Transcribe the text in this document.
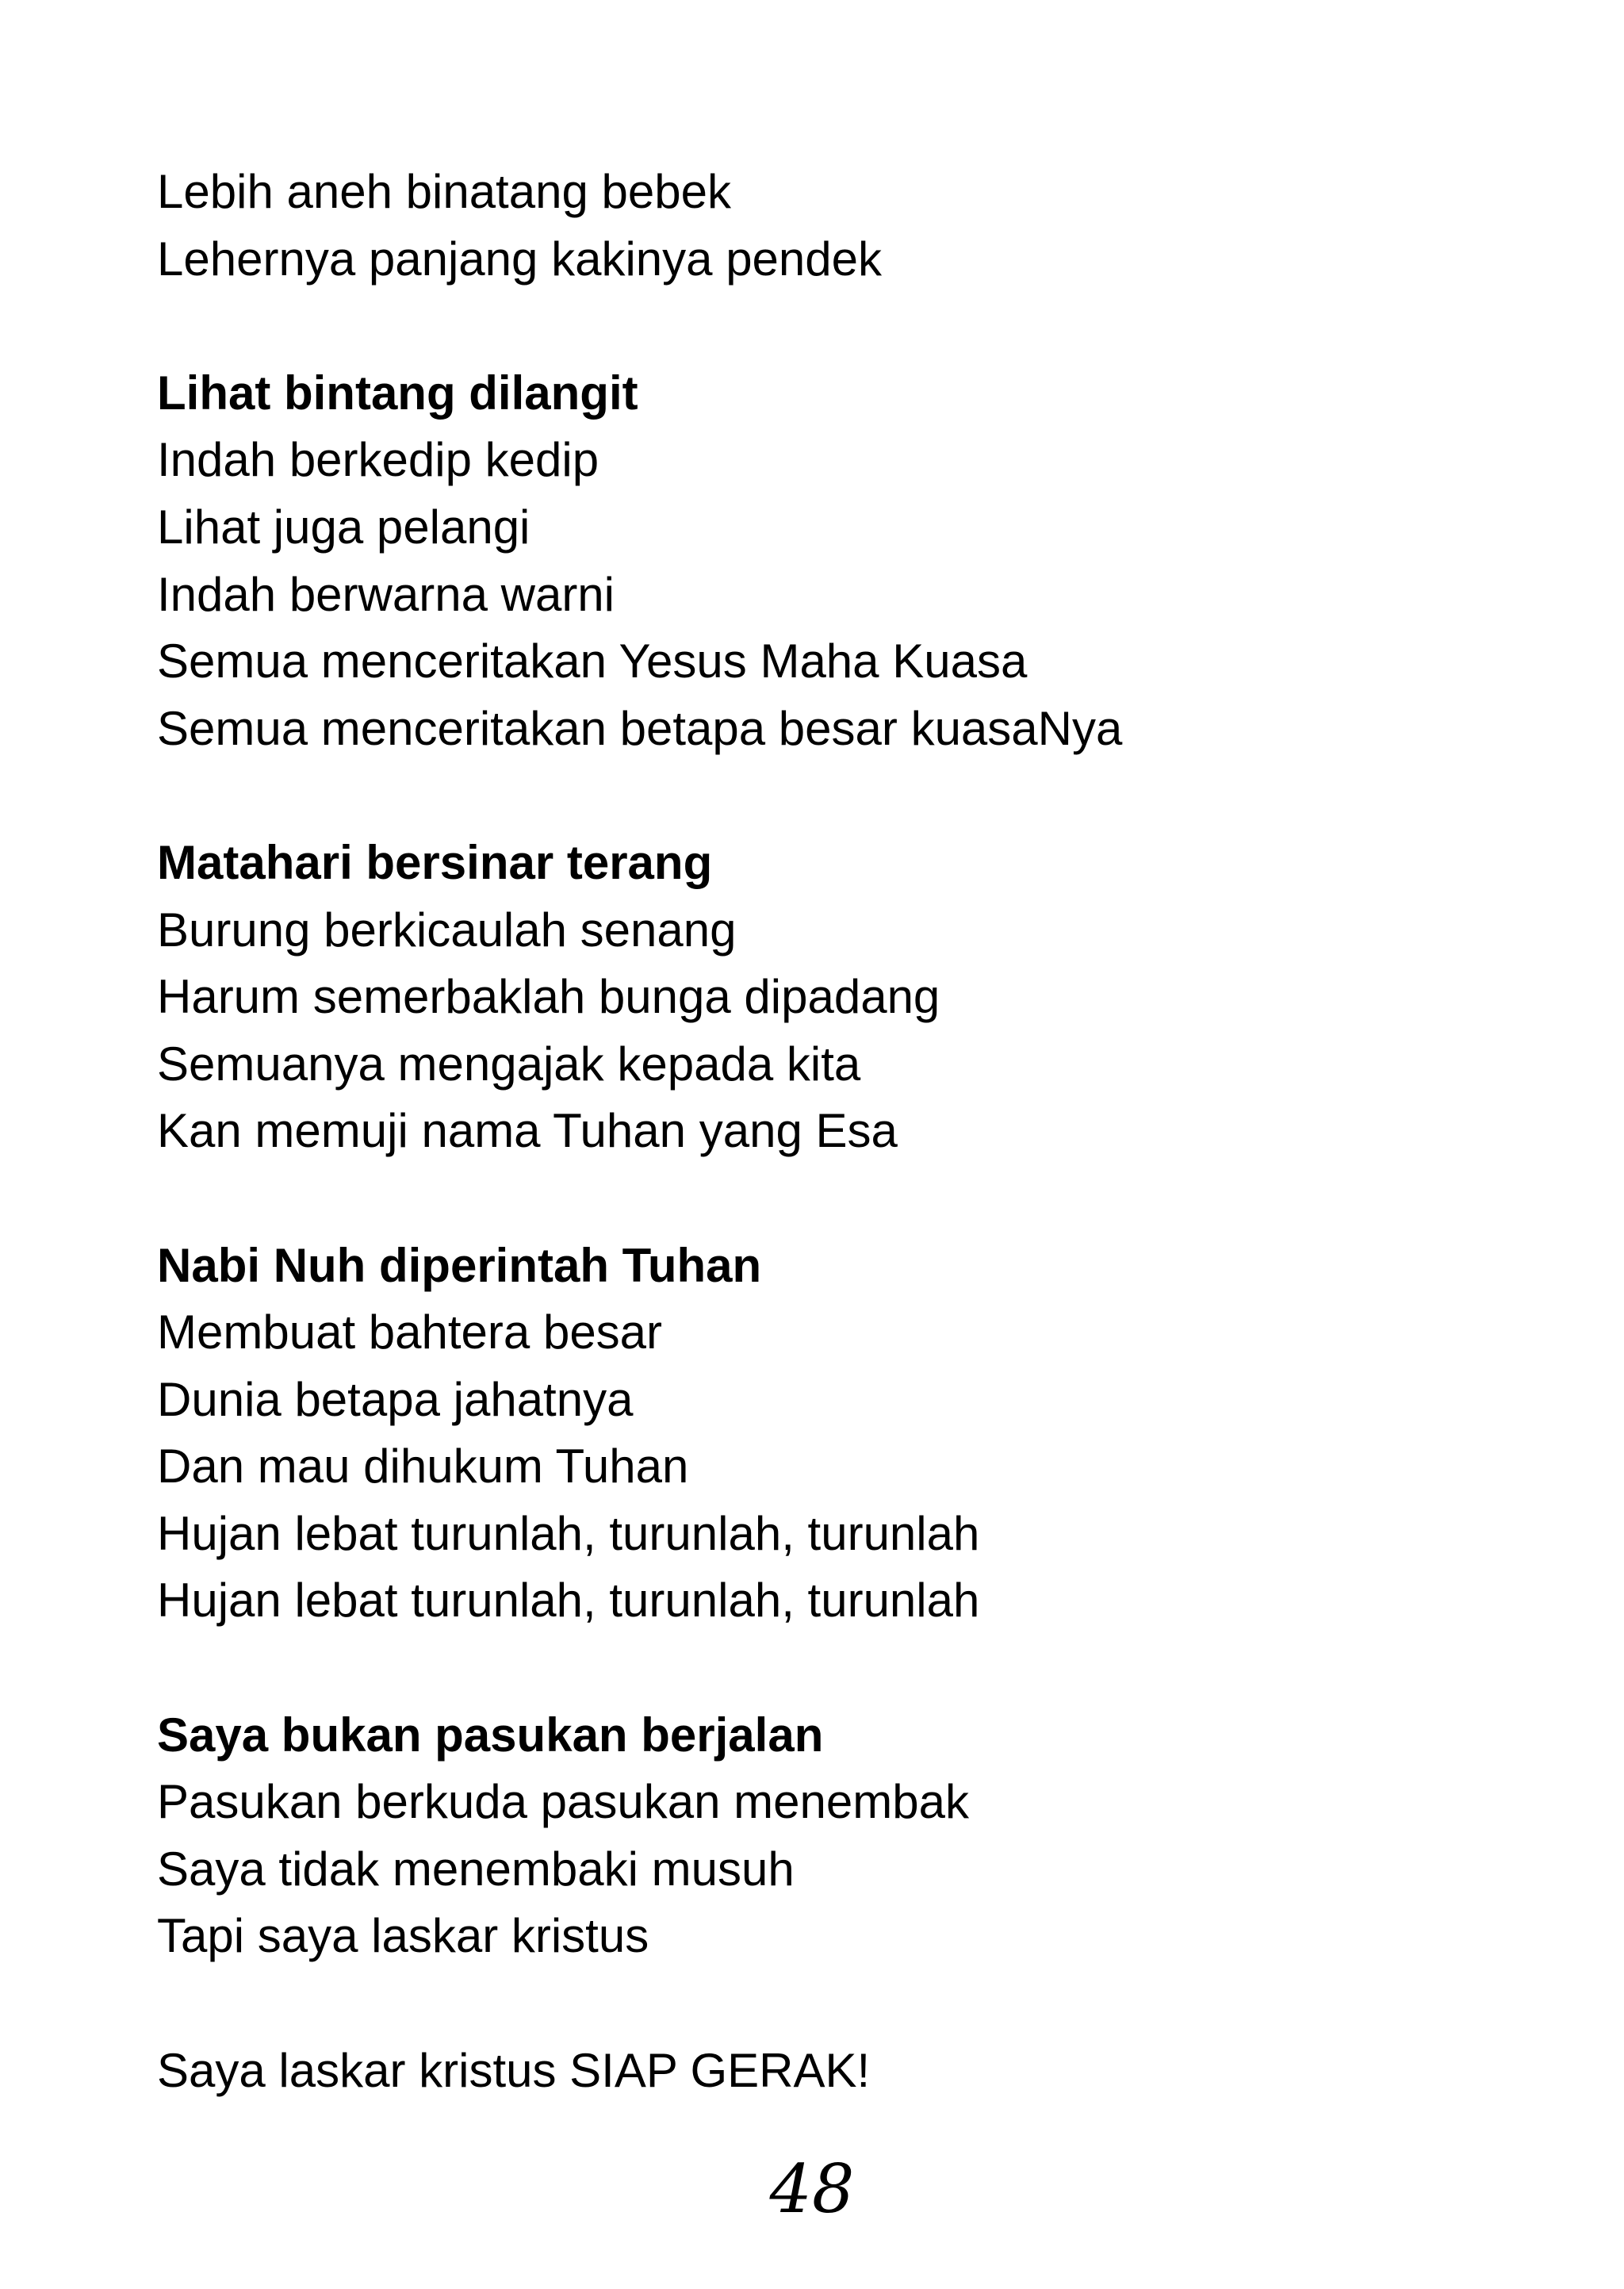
Lebih aneh binatang bebek

Lehernya panjang kakinya pendek

Lihat bintang dilangit

Indah berkedip kedip

Lihat juga pelangi

Indah berwarna warni

Semua menceritakan Yesus Maha Kuasa

Semua menceritakan betapa besar kuasaNya

Matahari bersinar terang

Burung berkicaulah senang

Harum semerbaklah bunga dipadang

Semuanya mengajak kepada kita

Kan memuji nama Tuhan yang Esa

Nabi Nuh diperintah Tuhan

Membuat bahtera besar

Dunia betapa jahatnya

Dan mau dihukum Tuhan

Hujan lebat turunlah, turunlah, turunlah

Hujan lebat turunlah, turunlah, turunlah

Saya bukan pasukan berjalan

Pasukan berkuda pasukan menembak

Saya tidak menembaki musuh

Tapi saya laskar kristus

Saya laskar kristus SIAP GERAK!

48
